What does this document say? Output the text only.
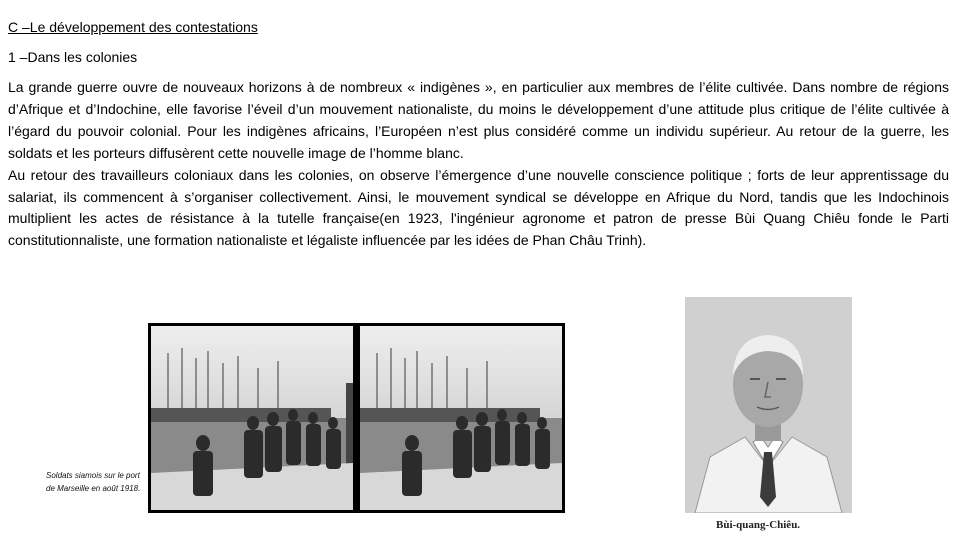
C –Le développement des contestations
1 –Dans les colonies

La grande guerre ouvre de nouveaux horizons à de nombreux « indigènes », en particulier aux membres de l’élite cultivée. Dans nombre de régions d’Afrique et d’Indochine, elle favorise l’éveil d’un mouvement nationaliste, du moins le développement d’une attitude plus critique de l’élite cultivée à l’égard du pouvoir colonial. Pour les indigènes africains, l’Européen n’est plus considéré comme un individu supérieur. Au retour de la guerre, les soldats et les porteurs diffusèrent cette nouvelle image de l’homme blanc.

Au retour des travailleurs coloniaux dans les colonies, on observe l’émergence d’une nouvelle conscience politique ; forts de leur apprentissage du salariat, ils commencent à s’organiser collectivement. Ainsi, le mouvement syndical se développe en Afrique du Nord, tandis que les Indochinois multiplient les actes de résistance à la tutelle française(en 1923, l'ingénieur agronome et patron de presse Bùi Quang Chiêu fonde le Parti constitutionnaliste, une formation nationaliste et légaliste influencée par les idées de Phan Châu Trinh).

Soldats siamois sur le port de Marseille en août 1918.
Bùi-quang-Chiêu.
